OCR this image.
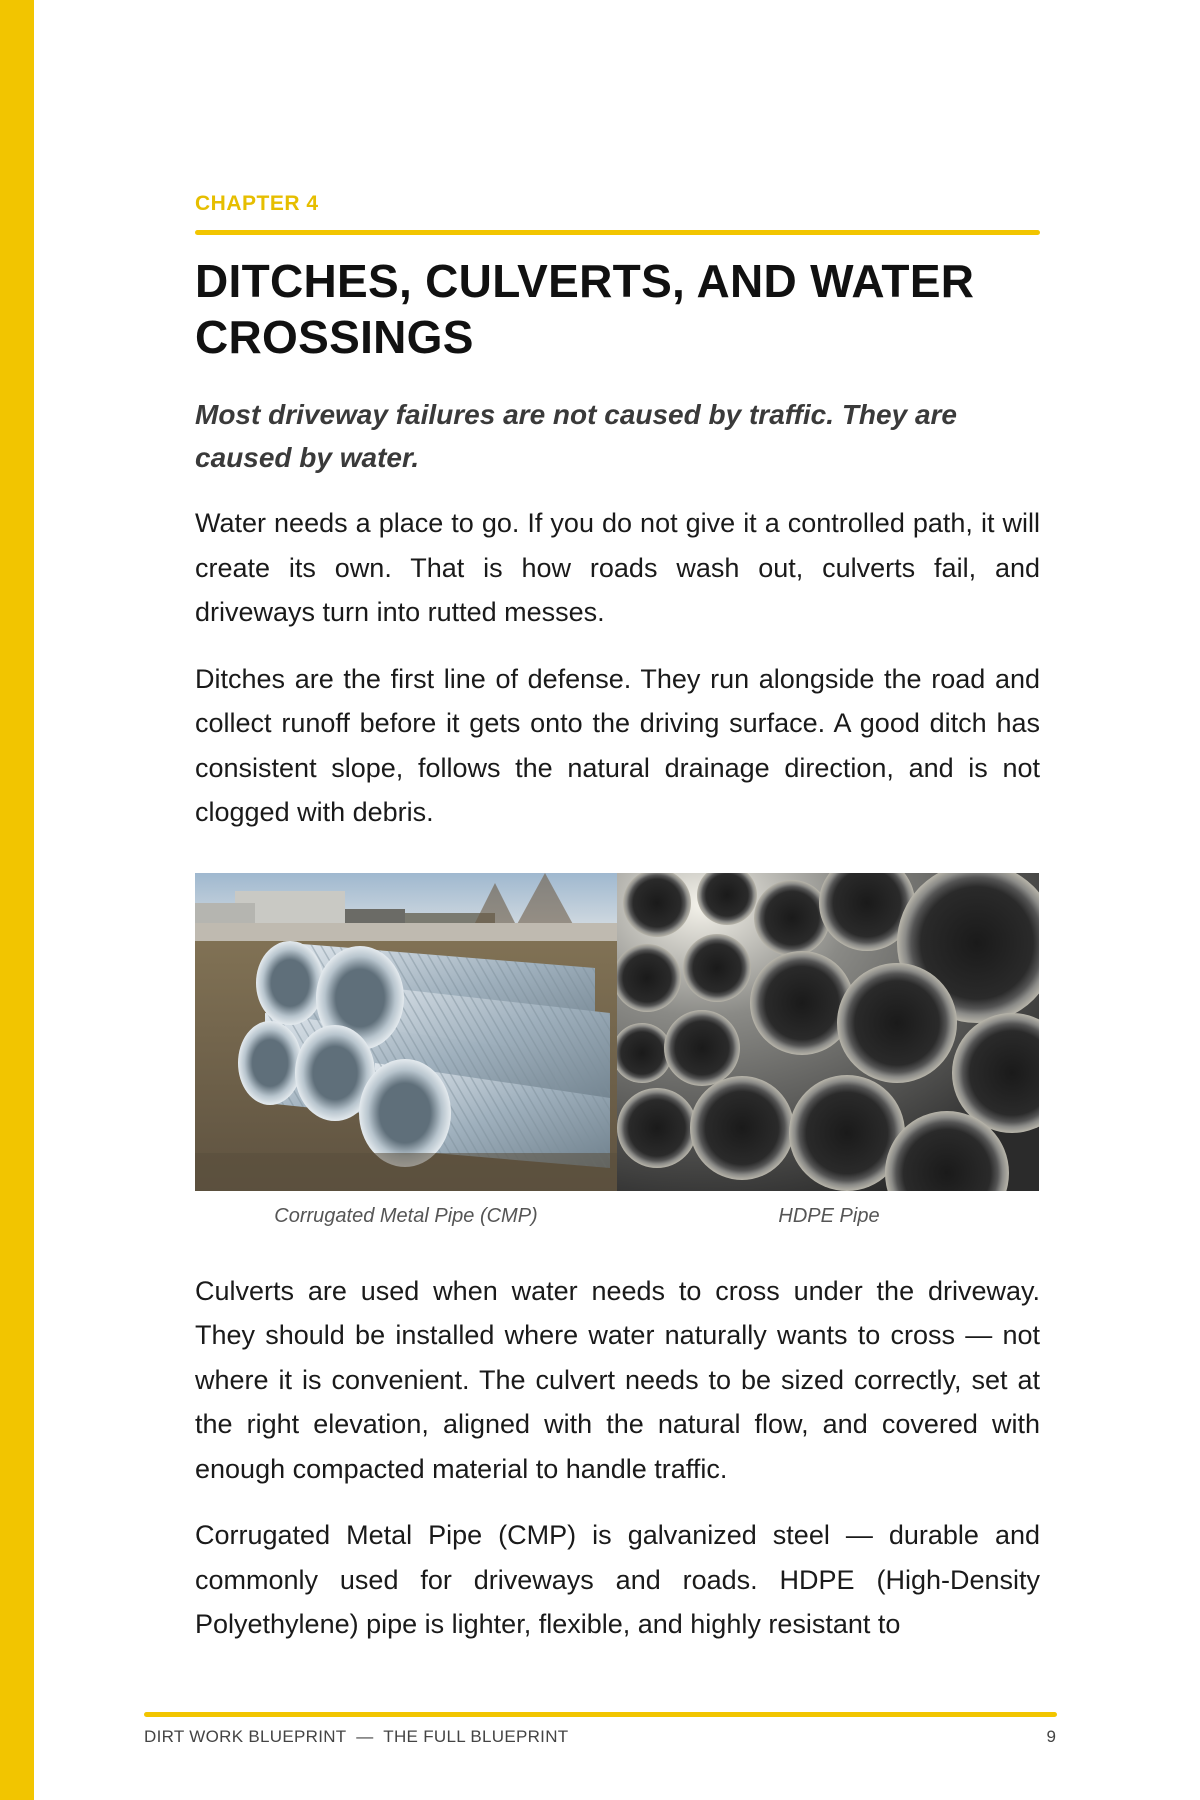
CHAPTER 4

DITCHES, CULVERTS, AND WATER
CROSSINGS

Most driveway failures are not caused by traffic. They are caused by water.

Water needs a place to go. If you do not give it a controlled path, it will create its own. That is how roads wash out, culverts fail, and driveways turn into rutted messes.

Ditches are the first line of defense. They run alongside the road and collect runoff before it gets onto the driving surface. A good ditch has consistent slope, follows the natural drainage direction, and is not clogged with debris.

Corrugated Metal Pipe (CMP)	HDPE Pipe

Culverts are used when water needs to cross under the driveway. They should be installed where water naturally wants to cross — not where it is convenient. The culvert needs to be sized correctly, set at the right elevation, aligned with the natural flow, and covered with enough compacted material to handle traffic.

Corrugated Metal Pipe (CMP) is galvanized steel — durable and commonly used for driveways and roads. HDPE (High-Density Polyethylene) pipe is lighter, flexible, and highly resistant to

DIRT WORK BLUEPRINT  —  THE FULL BLUEPRINT	9
